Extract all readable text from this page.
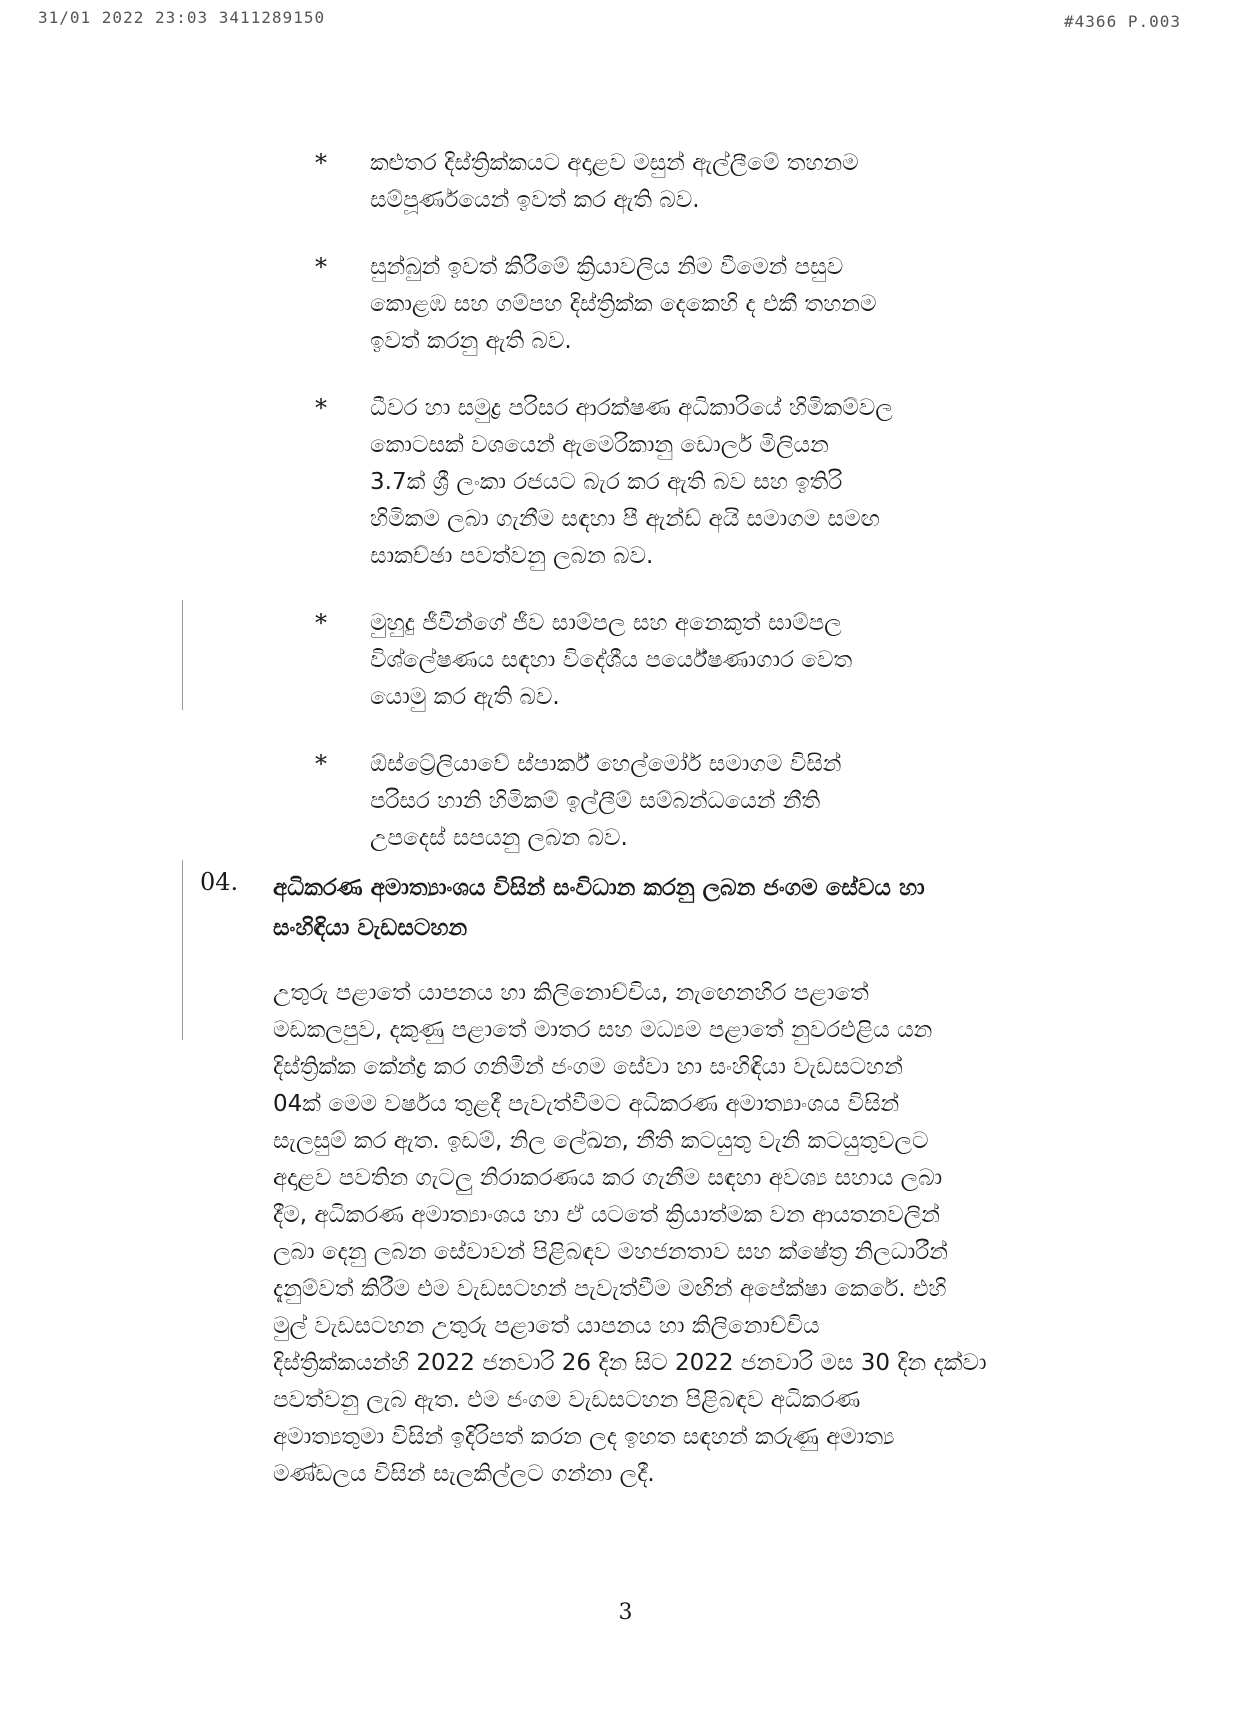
31/01 2022 23:03 3411289150	#4366 P.003
* කළුතර දිස්ත්‍රික්කයට අදාළව මසුන් ඇල්ලීමේ තහනම
සම්පූර්ණයෙන් ඉවත් කර ඇති බව.
* සුන්බුන් ඉවත් කිරීමේ ක්‍රියාවලිය නිම වීමෙන් පසුව
කොළඹ සහ ගම්පහ දිස්ත්‍රික්ක දෙකෙහි ද එකී තහනම
ඉවත් කරනු ඇති බව.
* ධීවර හා සමුද්‍ර පරිසර ආරක්ෂණ අධිකාරියේ හිමිකම්වල
කොටසක් වශයෙන් ඇමෙරිකානු ඩොලර් මිලියන
3.7ක් ශ්‍රී ලංකා රජයට බැර කර ඇති බව සහ ඉතිරි
හිමිකම ලබා ගැනීම සඳහා පී ඇන්ඩ් අයි සමාගම සමඟ
සාකච්ඡා පවත්වනු ලබන බව.
* මුහුදු ජීවීන්ගේ ජීව සාම්පල සහ අනෙකුත් සාම්පල
විශ්ලේෂණය සඳහා විදේශීය පර්යේෂණාගාර වෙත
යොමු කර ඇති බව.
* ඕස්ට්‍රේලියාවේ ස්පාර්ක් හෙල්මෝර් සමාගම විසින්
පරිසර හානි හිමිකම් ඉල්ලීම් සම්බන්ධයෙන් නීති
උපදෙස් සපයනු ලබන බව.
04. අධිකරණ අමාත්‍යාංශය විසින් සංවිධාන කරනු ලබන ජංගම සේවය හා
සංහිඳියා වැඩසටහන
උතුරු පළාතේ යාපනය හා කිලිනොච්චිය, නැඟෙනහිර පළාතේ
මඩකලපුව, දකුණු පළාතේ මාතර සහ මධ්‍යම පළාතේ නුවරඑළිය යන
දිස්ත්‍රික්ක කේන්ද්‍ර කර ගනිමින් ජංගම සේවා හා සංහිඳියා වැඩසටහන්
04ක් මෙම වර්ෂය තුළදී පැවැත්වීමට අධිකරණ අමාත්‍යාංශය විසින්
සැලසුම් කර ඇත. ඉඩම්, නිල ලේඛන, නීති කටයුතු වැනි කටයුතුවලට
අදාළව පවතින ගැටලු නිරාකරණය කර ගැනීම සඳහා අවශ්‍ය සහාය ලබා
දීම, අධිකරණ අමාත්‍යාංශය හා ඒ යටතේ ක්‍රියාත්මක වන ආයතනවලින්
ලබා දෙනු ලබන සේවාවන් පිළිබඳව මහජනතාව සහ ක්ෂේත්‍ර නිලධාරීන්
දැනුම්වත් කිරීම එම වැඩසටහන් පැවැත්වීම මඟින් අපේක්ෂා කෙරේ. එහි
මුල් වැඩසටහන උතුරු පළාතේ යාපනය හා කිලිනොච්චිය
දිස්ත්‍රික්කයන්හි 2022 ජනවාරි 26 දින සිට 2022 ජනවාරි මස 30 දින දක්වා
පවත්වනු ලැබ ඇත. එම ජංගම වැඩසටහන පිළිබඳව අධිකරණ
අමාත්‍යතුමා විසින් ඉදිරිපත් කරන ලද ඉහත සඳහන් කරුණු අමාත්‍ය
මණ්ඩලය විසින් සැලකිල්ලට ගන්නා ලදී.
3
